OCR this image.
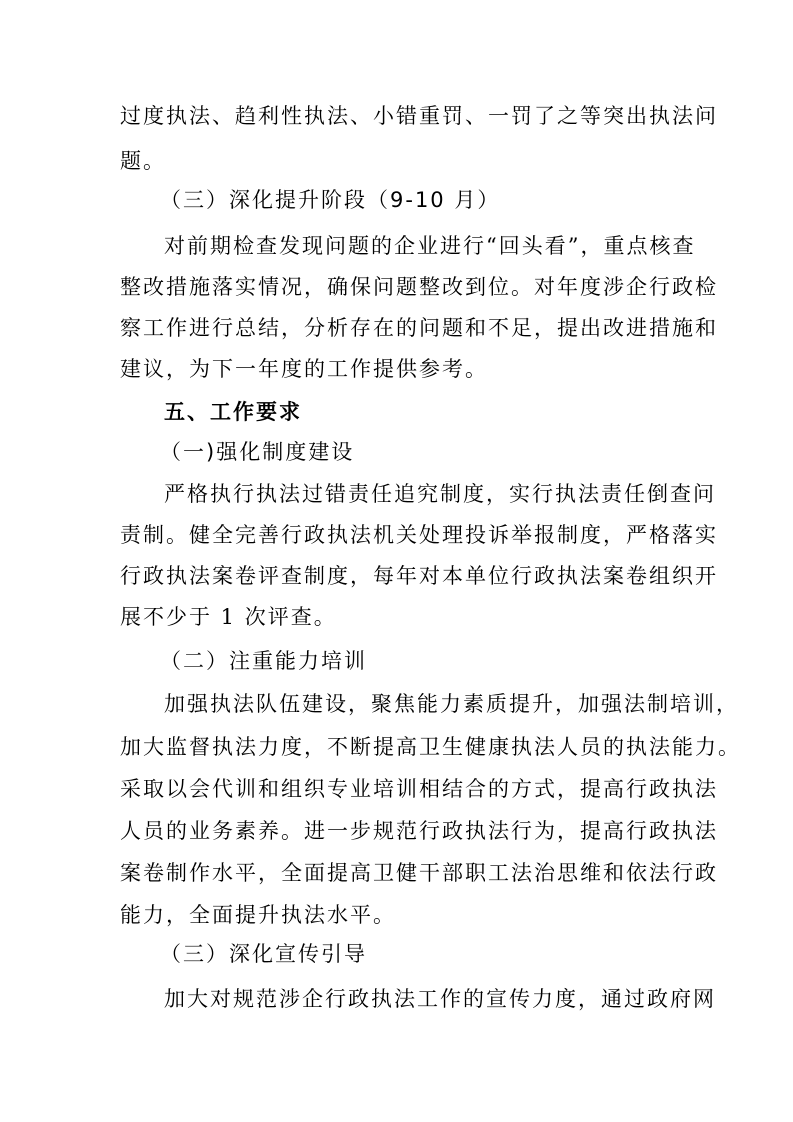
过度执法、趋利性执法、小错重罚、一罚了之等突出执法问
题。
（三）深化提升阶段（9-10 月）
对前期检查发现问题的企业进行“回头看”，重点核查
整改措施落实情况，确保问题整改到位。对年度涉企行政检
察工作进行总结，分析存在的问题和不足，提出改进措施和
建议，为下一年度的工作提供参考。
五、工作要求
（一)强化制度建设
严格执行执法过错责任追究制度，实行执法责任倒查问
责制。健全完善行政执法机关处理投诉举报制度，严格落实
行政执法案卷评查制度，每年对本单位行政执法案卷组织开
展不少于 1 次评查。
（二）注重能力培训
加强执法队伍建设，聚焦能力素质提升，加强法制培训，
加大监督执法力度，不断提高卫生健康执法人员的执法能力。
采取以会代训和组织专业培训相结合的方式，提高行政执法
人员的业务素养。进一步规范行政执法行为，提高行政执法
案卷制作水平，全面提高卫健干部职工法治思维和依法行政
能力，全面提升执法水平。
（三）深化宣传引导
加大对规范涉企行政执法工作的宣传力度，通过政府网
